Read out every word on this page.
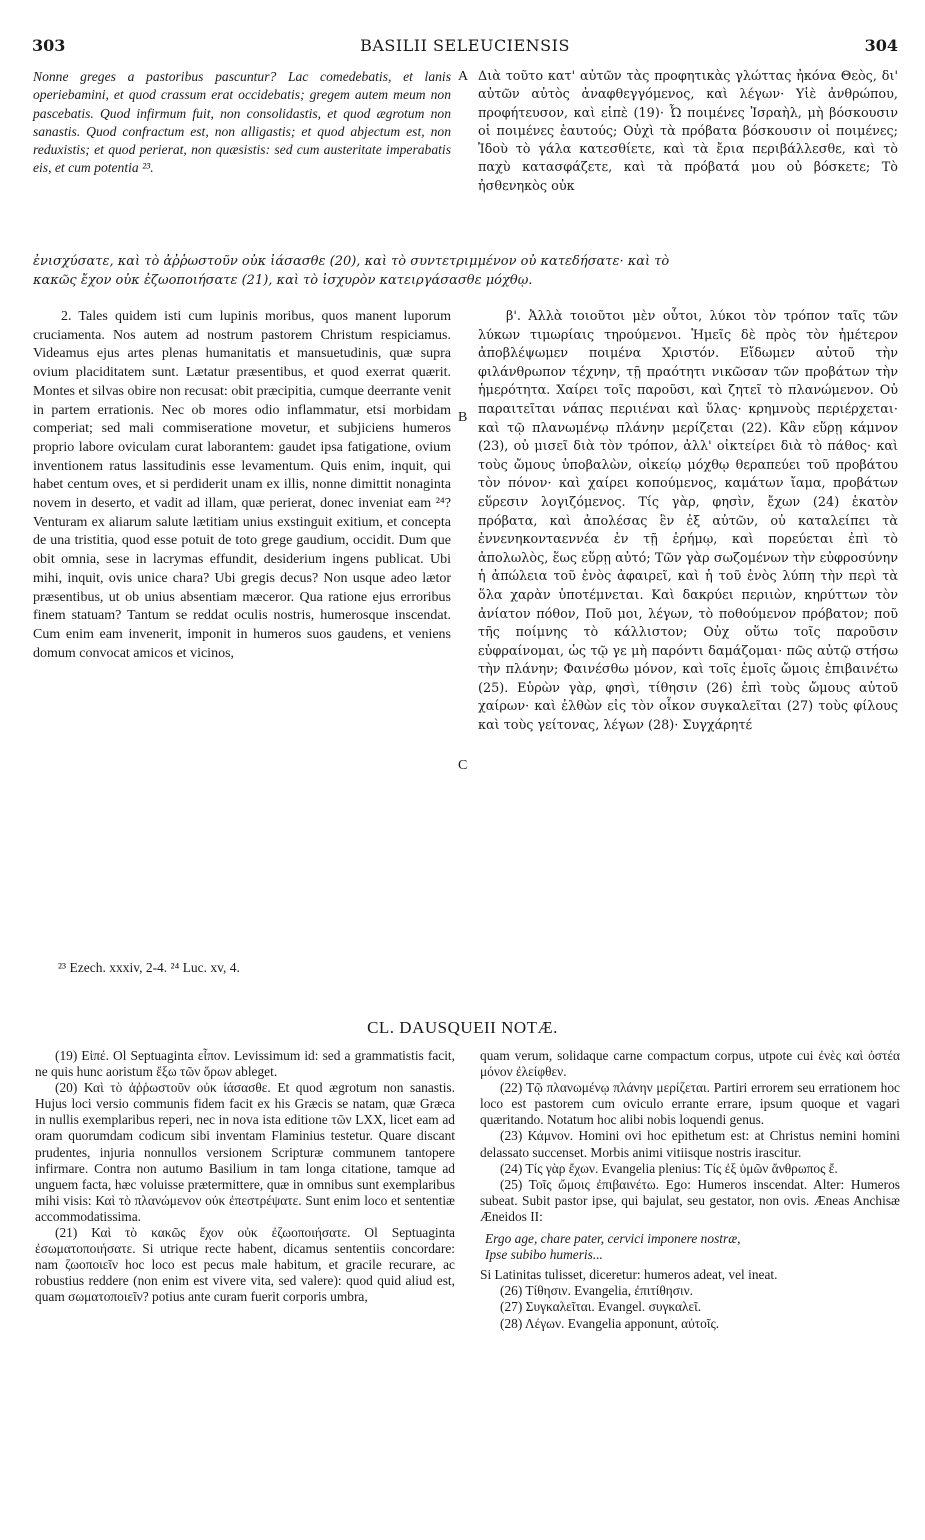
303	BASILII SELEUCIENSIS	304

Nonne greges a pastoribus pascuntur? Lac comedebatis, et lanis operiebamini, et quod crassum erat occidebatis; gregem autem meum non pascebatis. Quod infirmum fuit, non consolidastis, et quod ægrotum non sanastis. Quod confractum est, non alligastis; et quod abjectum est, non reduxistis; et quod perierat, non quæsistis: sed cum austeritate imperabatis eis, et cum potentia ²³.

A Διὰ τοῦτο κατ' αὐτῶν τὰς προφητικὰς γλώττας ἠκόνα Θεὸς, δι' αὐτῶν αὐτὸς ἀναφθεγγόμενος, καὶ λέγων· Υἱὲ ἀνθρώπου, προφήτευσον, καὶ εἰπὲ (19)· Ὦ ποιμένες Ἰσραὴλ, μὴ βόσκουσιν οἱ ποιμένες ἑαυτούς; Οὐχὶ τὰ πρόβατα βόσκουσιν οἱ ποιμένες; Ἰδοὺ τὸ γάλα κατεσθίετε, καὶ τὰ ἔρια περιβάλλεσθε, καὶ τὸ παχὺ κατασφάζετε, καὶ τὰ πρόβατά μου οὐ βόσκετε; Τὸ ἠσθενηκὸς οὐκ

ἐνισχύσατε, καὶ τὸ ἀῤῥωστοῦν οὐκ ἰάσασθε (20), καὶ τὸ συντετριμμένον οὐ κατεδήσατε· καὶ τὸ
κακῶς ἔχον οὐκ ἐζωοποιήσατε (21), καὶ τὸ ἰσχυρὸν κατειργάσασθε μόχθῳ.

2. Tales quidem isti cum lupinis moribus, quos manent luporum cruciamenta. Nos autem ad nostrum pastorem Christum respiciamus. Videamus ejus artes plenas humanitatis et mansuetudinis, quæ supra ovium placiditatem sunt. Lætatur præsentibus, et quod exerrat quærit. Montes et silvas obire non recusat: obit præcipitia, cumque deerrante venit in partem errationis. Nec ob mores odio inflammatur, etsi morbidam comperiat; sed mali commiseratione movetur, et subjiciens humeros proprio labore oviculam curat laborantem: gaudet ipsa fatigatione, ovium inventionem ratus lassitudinis esse levamentum. Quis enim, inquit, qui habet centum oves, et si perdiderit unam ex illis, nonne dimittit nonaginta novem in deserto, et vadit ad illam, quæ perierat, donec inveniat eam ²⁴? Venturam ex aliarum salute lætitiam unius exstinguit exitium, et concepta de una tristitia, quod esse potuit de toto grege gaudium, occidit. Dum que obit omnia, sese in lacrymas effundit, desiderium ingens publicat. Ubi mihi, inquit, ovis unice chara? Ubi gregis decus? Non usque adeo lætor præsentibus, ut ob unius absentiam mæceror. Qua ratione ejus erroribus finem statuam? Tantum se reddat oculis nostris, humerosque inscendat. Cum enim eam invenerit, imponit in humeros suos gaudens, et veniens domum convocat amicos et vicinos,

B
C

β'. Ἀλλὰ τοιοῦτοι μὲν οὗτοι, λύκοι τὸν τρόπον ταῖς τῶν λύκων τιμωρίαις τηρούμενοι. Ἡμεῖς δὲ πρὸς τὸν ἡμέτερον ἀποβλέψωμεν ποιμένα Χριστόν. Εἴδωμεν αὐτοῦ τὴν φιλάνθρωπον τέχνην, τῇ πραότητι νικῶσαν τῶν προβάτων τὴν ἡμερότητα. Χαίρει τοῖς παροῦσι, καὶ ζητεῖ τὸ πλανώμενον. Οὐ παραιτεῖται νάπας περιιέναι καὶ ὕλας· κρημνοὺς περιέρχεται· καὶ τῷ πλανωμένῳ πλάνην μερίζεται (22). Κἂν εὕρῃ κάμνον (23), οὐ μισεῖ διὰ τὸν τρόπον, ἀλλ' οἰκτείρει διὰ τὸ πάθος· καὶ τοὺς ὤμους ὑποβαλὼν, οἰκείῳ μόχθῳ θεραπεύει τοῦ προβάτου τὸν πόνον· καὶ χαίρει κοπούμενος, καμάτων ἴαμα, προβάτων εὕρεσιν λογιζόμενος. Τίς γὰρ, φησὶν, ἔχων (24) ἑκατὸν πρόβατα, καὶ ἀπολέσας ἓν ἐξ αὐτῶν, οὐ καταλείπει τὰ ἐννενηκονταεννέα ἐν τῇ ἐρήμῳ, καὶ πορεύεται ἐπὶ τὸ ἀπολωλὸς, ἕως εὕρῃ αὐτό; Τῶν γὰρ σωζομένων τὴν εὐφροσύνην ἡ ἀπώλεια τοῦ ἑνὸς ἀφαιρεῖ, καὶ ἡ τοῦ ἑνὸς λύπη τὴν περὶ τὰ ὅλα χαρὰν ὑποτέμνεται. Καὶ δακρύει περιιὼν, κηρύττων τὸν ἀνίατον πόθον, Ποῦ μοι, λέγων, τὸ ποθούμενον πρόβατον; ποῦ τῆς ποίμνης τὸ κάλλιστον; Οὐχ οὕτω τοῖς παροῦσιν εὐφραίνομαι, ὡς τῷ γε μὴ παρόντι δαμάζομαι· πῶς αὐτῷ στήσω τὴν πλάνην; Φαινέσθω μόνον, καὶ τοῖς ἐμοῖς ὤμοις ἐπιβαινέτω (25). Εὑρὼν γὰρ, φησὶ, τίθησιν (26) ἐπὶ τοὺς ὤμους αὐτοῦ χαίρων· καὶ ἐλθὼν εἰς τὸν οἶκον συγκαλεῖται (27) τοὺς φίλους καὶ τοὺς γείτονας, λέγων (28)· Συγχάρητέ

²³ Ezech. xxxiv, 2-4. ²⁴ Luc. xv, 4.
CL. DAUSQUEII NOTÆ.

(19) Εἰπέ. Ol Septuaginta εἶπον. Levissimum id: sed a grammatistis facit, ne quis hunc aoristum ἔξω τῶν ὅρων ableget.

(20) Καὶ τὸ ἀῤῥωστοῦν οὐκ ἰάσασθε. Et quod ægrotum non sanastis. Hujus loci versio communis fidem facit ex his Græcis se natam, quæ Græca in nullis exemplaribus reperi, nec in nova ista editione τῶν LXX, licet eam ad oram quorumdam codicum sibi inventam Flaminius testetur. Quare discant prudentes, injuria nonnullos versionem Scripturæ communem tantopere infirmare. Contra non autumo Basilium in tam longa citatione, tamque ad unguem facta, hæc voluisse prætermittere, quæ in omnibus sunt exemplaribus mihi visis: Καὶ τὸ πλανώμενον οὐκ ἐπεστρέψατε. Sunt enim loco et sententiæ accommodatissima.

(21) Καὶ τὸ κακῶς ἔχον οὐκ ἐζωοποιήσατε. Ol Septuaginta ἐσωματοποιήσατε. Si utrique recte habent, dicamus sententiis concordare: nam ζωοποιεῖν hoc loco est pecus male habitum, et gracile recurare, ac robustius reddere (non enim est vivere vita, sed valere): quod quid aliud est, quam σωματοποιεῖν? potius ante curam fuerit corporis umbra,

quam verum, solidaque carne compactum corpus, utpote cui ἐνὲς καὶ ὀστέα μόνον ἐλείφθεν.

(22) Τῷ πλανωμένῳ πλάνην μερίζεται. Partiri errorem seu errationem hoc loco est pastorem cum oviculo errante errare, ipsum quoque et vagari quæritando. Notatum hoc alibi nobis loquendi genus.

(23) Κάμνον. Homini ovi hoc epithetum est: at Christus nemini homini delassato succenset. Morbis animi vitiisque nostris irascitur.

(24) Τίς γὰρ ἔχων. Evangelia plenius: Τίς ἐξ ὑμῶν ἄνθρωπος ἔ.

(25) Τοῖς ὤμοις ἐπιβαινέτω. Ego: Humeros inscendat. Alter: Humeros subeat. Subit pastor ipse, qui bajulat, seu gestator, non ovis. Æneas Anchisæ Æneidos II:

Ergo age, chare pater, cervici imponere nostræ,

Ipse subibo humeris...

Si Latinitas tulisset, diceretur: humeros adeat, vel ineat.

(26) Τίθησιν. Evangelia, ἐπιτίθησιν.

(27) Συγκαλεῖται. Evangel. συγκαλεῖ.

(28) Λέγων. Evangelia apponunt, αὐτοῖς.
